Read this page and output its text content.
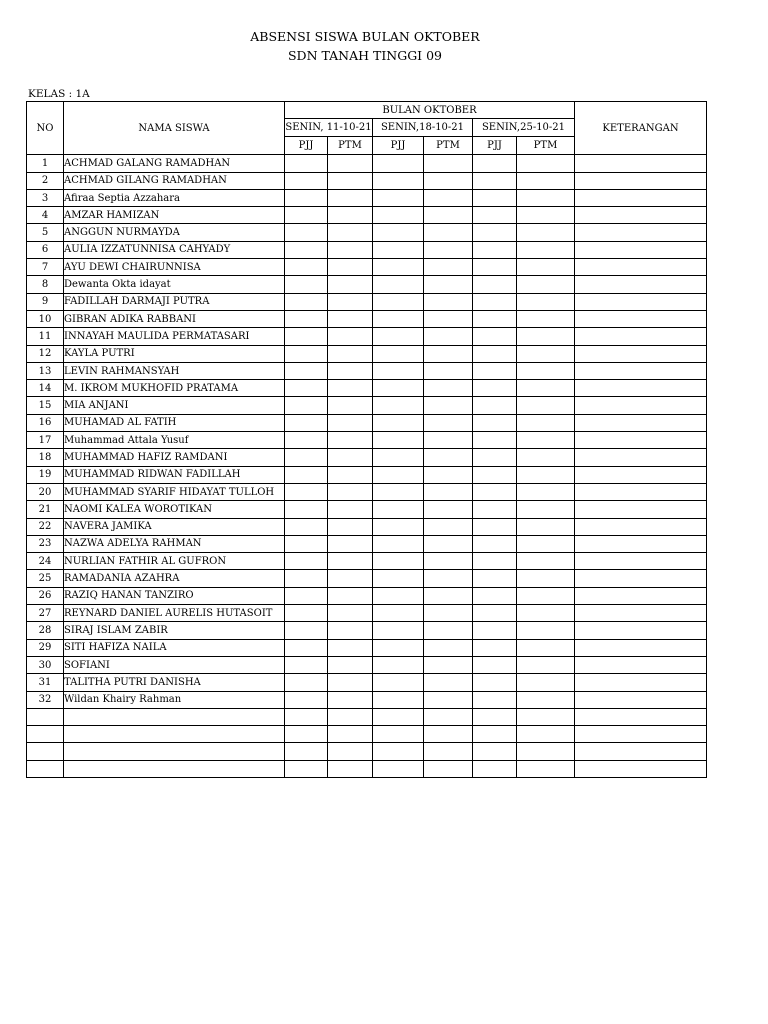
ABSENSI SISWA BULAN OKTOBER
SDN TANAH TINGGI 09
KELAS : 1A
NO	NAMA SISWA	BULAN OKTOBER						KETERANGAN
		SENIN, 11-10-21		SENIN,18-10-21		SENIN,25-10-21		
		PJJ	PTM	PJJ	PTM	PJJ	PTM	
1	ACHMAD GALANG RAMADHAN							
2	ACHMAD GILANG RAMADHAN							
3	Afiraa Septia Azzahara							
4	AMZAR HAMIZAN							
5	ANGGUN NURMAYDA							
6	AULIA IZZATUNNISA CAHYADY							
7	AYU DEWI CHAIRUNNISA							
8	Dewanta Okta idayat							
9	FADILLAH DARMAJI PUTRA							
10	GIBRAN ADIKA RABBANI							
11	INNAYAH MAULIDA PERMATASARI							
12	KAYLA PUTRI							
13	LEVIN RAHMANSYAH							
14	M. IKROM MUKHOFID PRATAMA							
15	MIA ANJANI							
16	MUHAMAD AL FATIH							
17	Muhammad Attala Yusuf							
18	MUHAMMAD HAFIZ RAMDANI							
19	MUHAMMAD RIDWAN FADILLAH							
20	MUHAMMAD SYARIF HIDAYAT TULLOH							
21	NAOMI KALEA WOROTIKAN							
22	NAVERA JAMIKA							
23	NAZWA ADELYA RAHMAN							
24	NURLIAN FATHIR AL GUFRON							
25	RAMADANIA AZAHRA							
26	RAZIQ HANAN TANZIRO							
27	REYNARD DANIEL AURELIS HUTASOIT							
28	SIRAJ ISLAM ZABIR							
29	SITI HAFIZA NAILA							
30	SOFIANI							
31	TALITHA PUTRI DANISHA							
32	Wildan Khairy Rahman							
